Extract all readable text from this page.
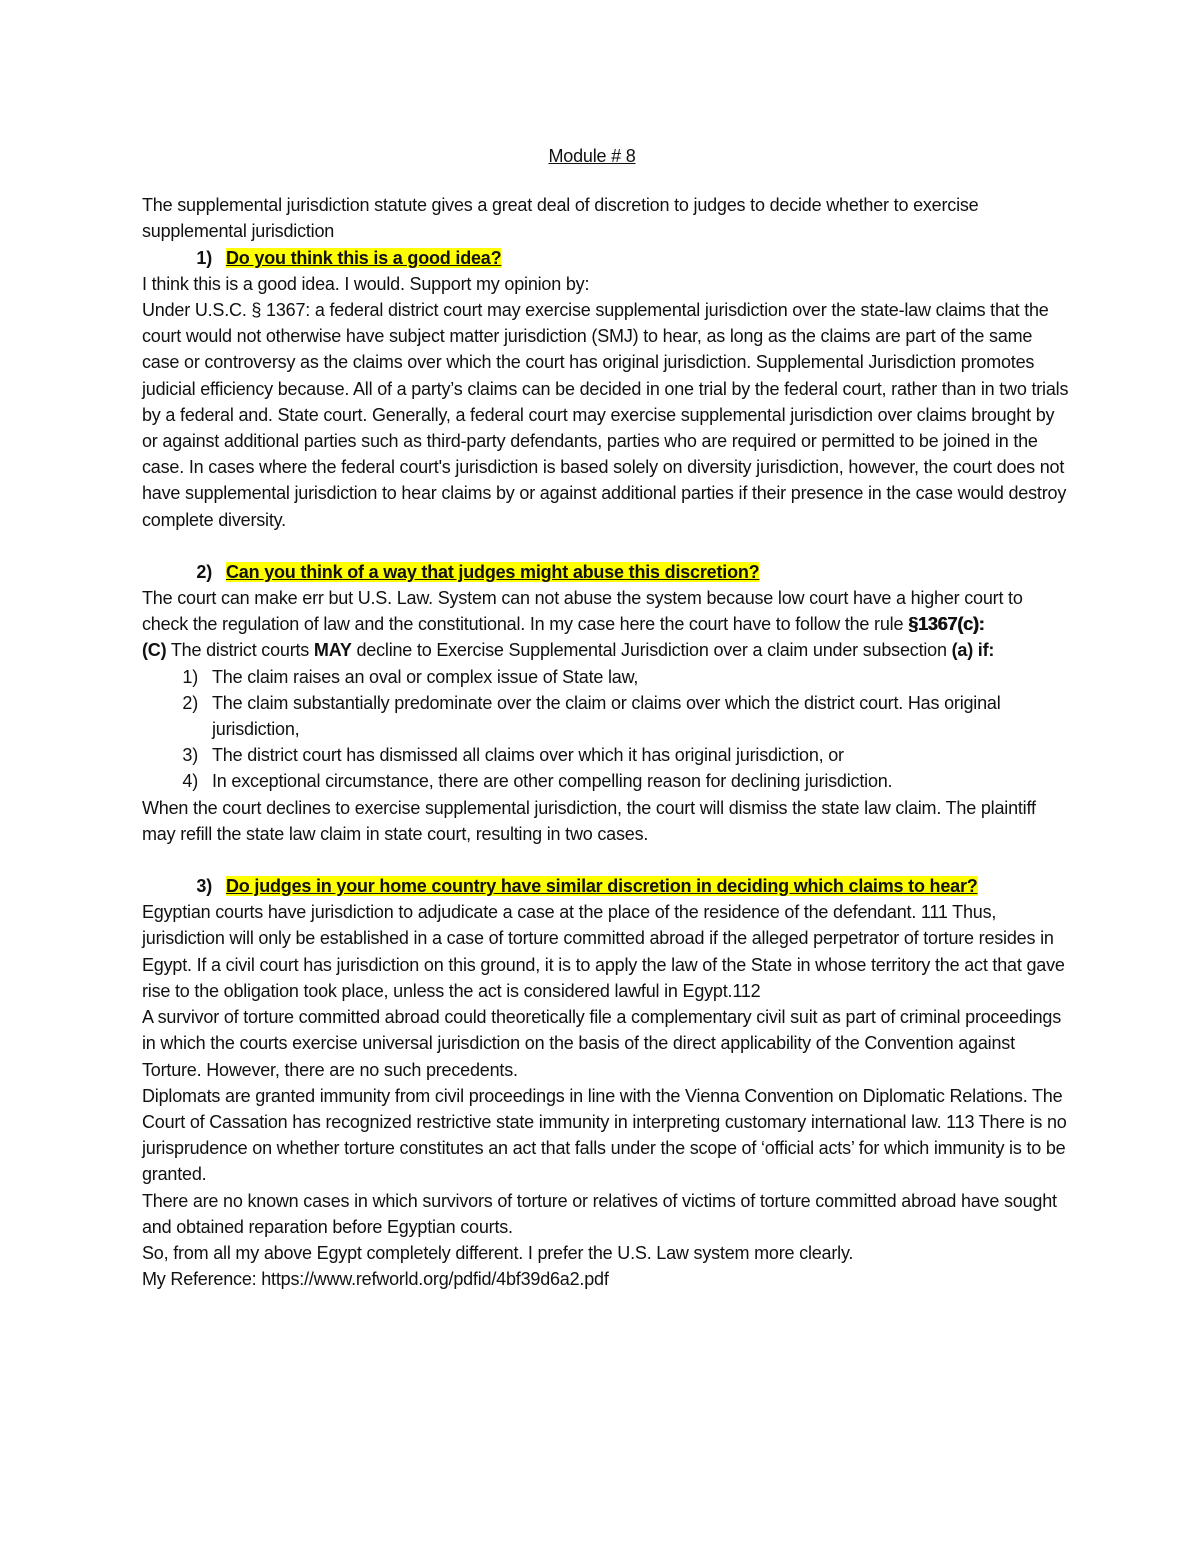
Module # 8

The supplemental jurisdiction statute gives a great deal of discretion to judges to decide whether to exercise supplemental jurisdiction

1) Do you think this is a good idea?

I think this is a good idea. I would. Support my opinion by:

Under U.S.C. § 1367: a federal district court may exercise supplemental jurisdiction over the state-law claims that the court would not otherwise have subject matter jurisdiction (SMJ) to hear, as long as the claims are part of the same case or controversy as the claims over which the court has original jurisdiction. Supplemental Jurisdiction promotes judicial efficiency because. All of a party’s claims can be decided in one trial by the federal court, rather than in two trials by a federal and. State court. Generally, a federal court may exercise supplemental jurisdiction over claims brought by or against additional parties such as third-party defendants, parties who are required or permitted to be joined in the case. In cases where the federal court's jurisdiction is based solely on diversity jurisdiction, however, the court does not have supplemental jurisdiction to hear claims by or against additional parties if their presence in the case would destroy complete diversity.

2) Can you think of a way that judges might abuse this discretion?

The court can make err but U.S. Law. System can not abuse the system because low court have a higher court to check the regulation of law and the constitutional. In my case here the court have to follow the rule §1367(c):

(C) The district courts MAY decline to Exercise Supplemental Jurisdiction over a claim under subsection (a) if:

1) The claim raises an oval or complex issue of State law,
2) The claim substantially predominate over the claim or claims over which the district court. Has original jurisdiction,
3) The district court has dismissed all claims over which it has original jurisdiction, or
4) In exceptional circumstance, there are other compelling reason for declining jurisdiction.

When the court declines to exercise supplemental jurisdiction, the court will dismiss the state law claim. The plaintiff may refill the state law claim in state court, resulting in two cases.

3) Do judges in your home country have similar discretion in deciding which claims to hear?

Egyptian courts have jurisdiction to adjudicate a case at the place of the residence of the defendant. 111 Thus, jurisdiction will only be established in a case of torture committed abroad if the alleged perpetrator of torture resides in Egypt. If a civil court has jurisdiction on this ground, it is to apply the law of the State in whose territory the act that gave rise to the obligation took place, unless the act is considered lawful in Egypt.112

A survivor of torture committed abroad could theoretically file a complementary civil suit as part of criminal proceedings in which the courts exercise universal jurisdiction on the basis of the direct applicability of the Convention against Torture. However, there are no such precedents.

Diplomats are granted immunity from civil proceedings in line with the Vienna Convention on Diplomatic Relations. The Court of Cassation has recognized restrictive state immunity in interpreting customary international law. 113 There is no jurisprudence on whether torture constitutes an act that falls under the scope of ‘official acts’ for which immunity is to be granted.

There are no known cases in which survivors of torture or relatives of victims of torture committed abroad have sought and obtained reparation before Egyptian courts.

So, from all my above Egypt completely different. I prefer the U.S. Law system more clearly.

My Reference: https://www.refworld.org/pdfid/4bf39d6a2.pdf
